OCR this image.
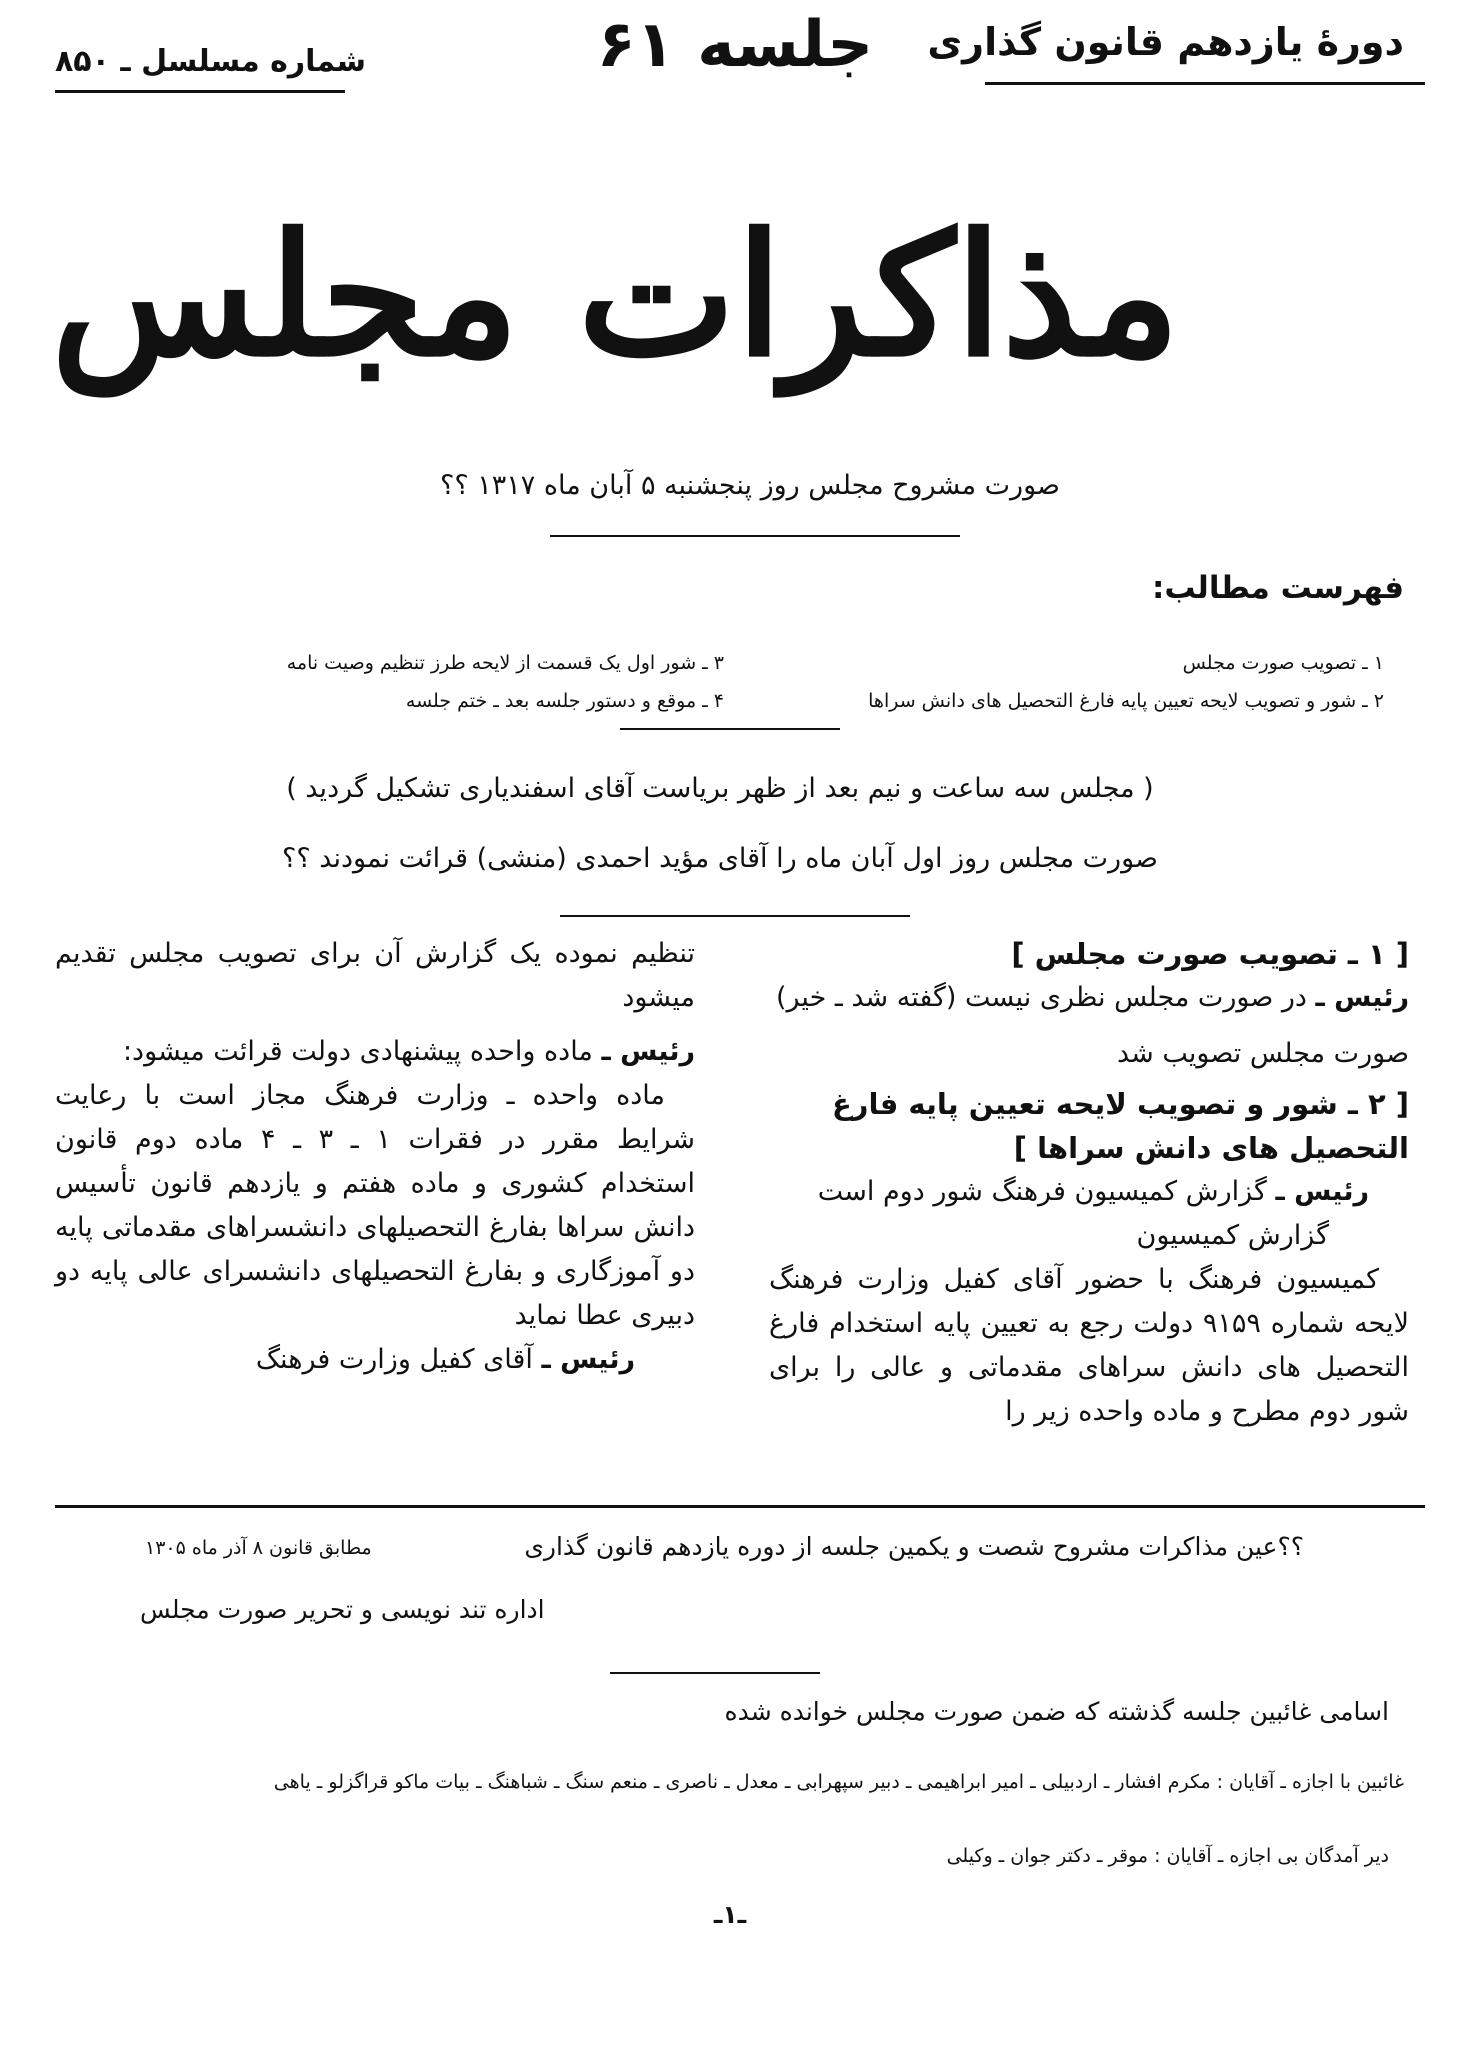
دورهٔ یازدهم قانون گذاری
جلسه ۶۱
شماره مسلسل ـ ۸۵۰
مذاکرات مجلس
صورت مشروح مجلس روز پنجشنبه ۵ آبان ماه ۱۳۱۷ ؟؟
فهرست مطالب:
۱ ـ تصویب صورت مجلس
۲ ـ شور و تصویب لایحه تعیین پایه فارغ التحصیل های دانش سراها
۳ ـ شور اول یک قسمت از لایحه طرز تنظیم وصیت نامه
۴ ـ موقع و دستور جلسه بعد ـ ختم جلسه
( مجلس سه ساعت و نیم بعد از ظهر بریاست آقای اسفندیاری تشکیل گردید )
صورت مجلس روز اول آبان ماه را آقای مؤید احمدی (منشی) قرائت نمودند ؟؟

[ ۱ ـ تصویب صورت مجلس ]

رئیس ـ در صورت مجلس نظری نیست (گفته شد ـ خیر)

صورت مجلس تصویب شد

[ ۲ ـ شور و تصویب لایحه تعیین پایه فارغ التحصیل های دانش سراها ]

رئیس ـ گزارش کمیسیون فرهنگ شور دوم است

گزارش کمیسیون

کمیسیون فرهنگ با حضور آقای کفیل وزارت فرهنگ لایحه شماره ۹۱۵۹ دولت رجع به تعیین پایه استخدام فارغ التحصیل های دانش سراهای مقدماتی و عالی را برای شور دوم مطرح و ماده واحده زیر را

تنظیم نموده یک گزارش آن برای تصویب مجلس تقدیم میشود

رئیس ـ ماده واحده پیشنهادی دولت قرائت میشود:

ماده واحده ـ وزارت فرهنگ مجاز است با رعایت شرایط مقرر در فقرات ۱ ـ ۳ ـ ۴ ماده دوم قانون استخدام کشوری و ماده هفتم و یازدهم قانون تأسیس دانش سراها بفارغ التحصیلهای دانشسراهای مقدماتی پایه دو آموزگاری و بفارغ التحصیلهای دانشسرای عالی پایه دو دبیری عطا نماید

رئیس ـ آقای کفیل وزارت فرهنگ

؟؟عین مذاکرات مشروح شصت و یکمین جلسه از دوره یازدهم قانون گذاری
مطابق قانون ۸ آذر ماه ۱۳۰۵
اداره تند نویسی و تحریر صورت مجلس
اسامی غائبین جلسه گذشته که ضمن صورت مجلس خوانده شده
غائبین با اجازه ـ آقایان : مکرم افشار ـ اردبیلی ـ امیر ابراهیمی ـ دبیر سپهرابی ـ معدل ـ ناصری ـ منعم سنگ ـ شباهنگ ـ بیات ماکو قراگزلو ـ یاهی
دیر آمدگان بی اجازه ـ آقایان : موقر ـ دکتر جوان ـ وکیلی
ـ۱ـ
